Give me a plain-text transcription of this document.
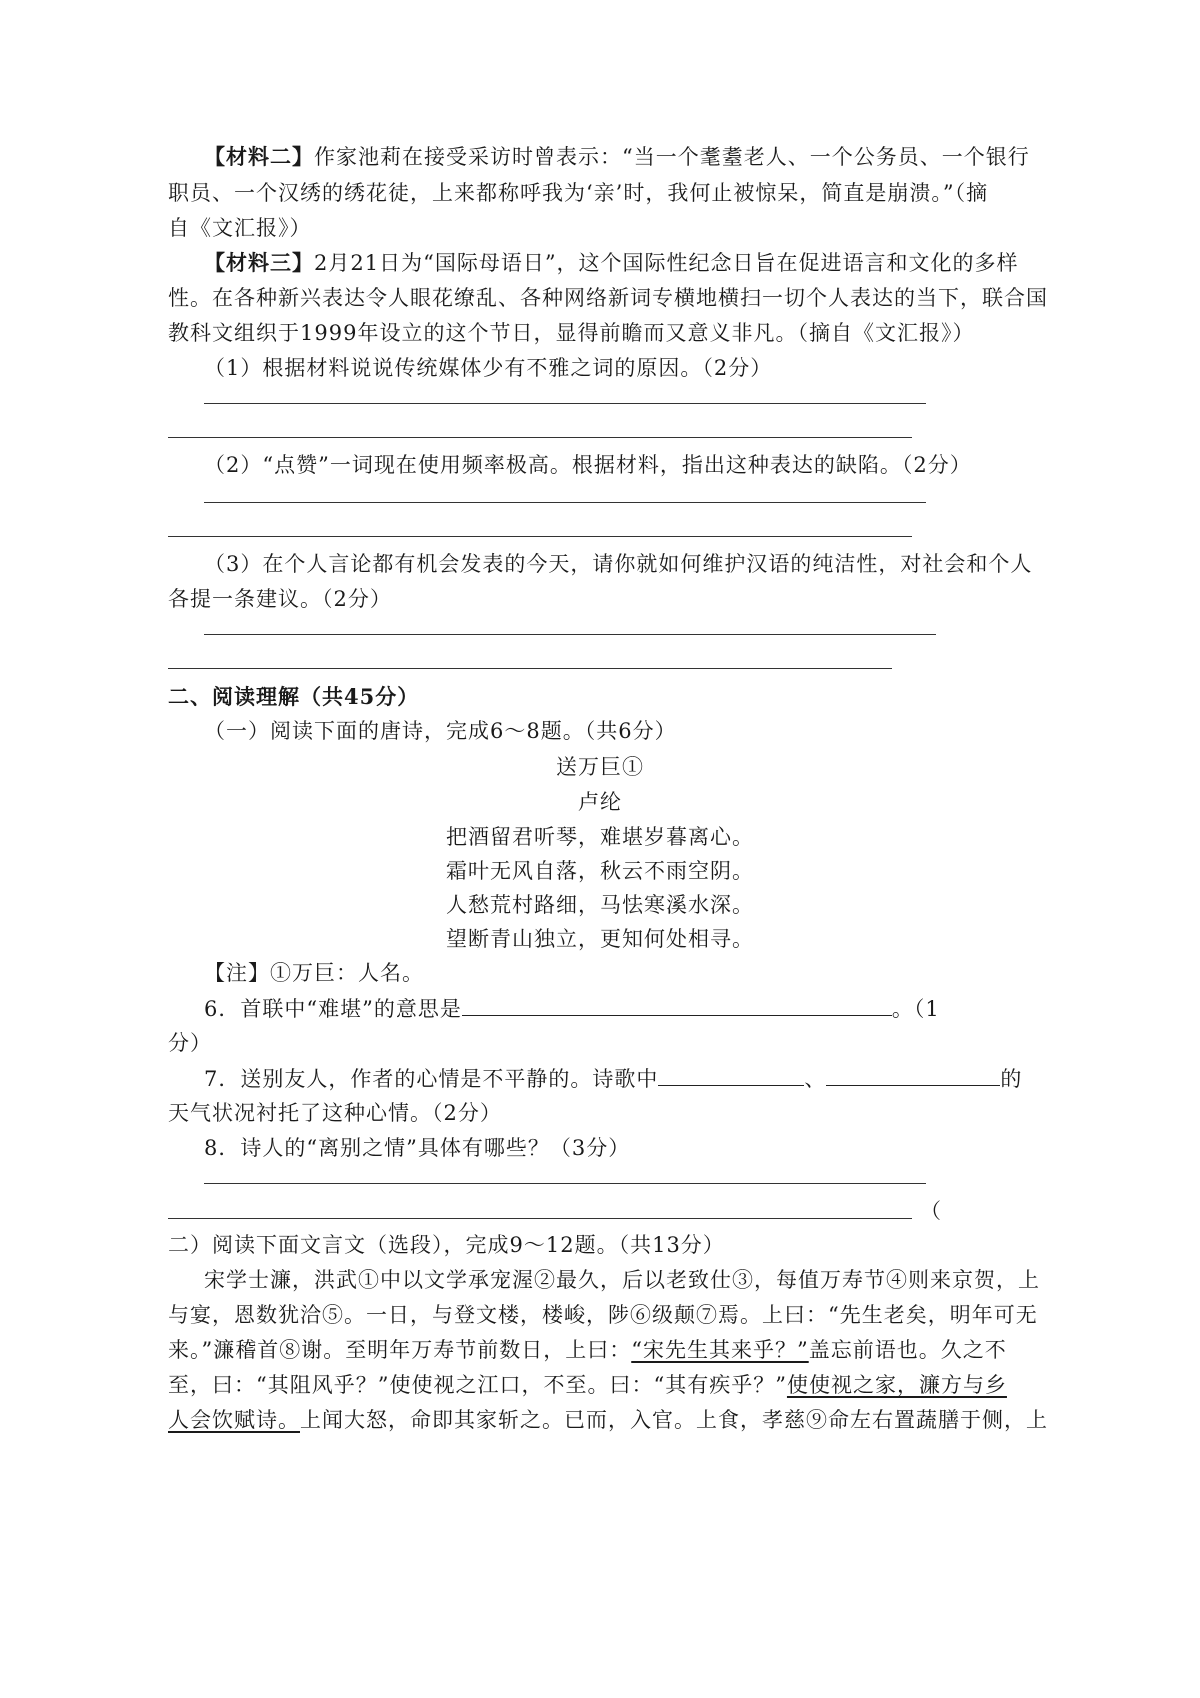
【材料二】作家池莉在接受采访时曾表示：“当一个耄耋老人、一个公务员、一个银行
职员、一个汉绣的绣花徒，上来都称呼我为‘亲’时，我何止被惊呆，简直是崩溃。”（摘
自《文汇报》）
【材料三】2月21日为“国际母语日”，这个国际性纪念日旨在促进语言和文化的多样
性。在各种新兴表达令人眼花缭乱、各种网络新词专横地横扫一切个人表达的当下，联合国
教科文组织于1999年设立的这个节日，显得前瞻而又意义非凡。（摘自《文汇报》）
（1）根据材料说说传统媒体少有不雅之词的原因。（2分）
（2）“点赞”一词现在使用频率极高。根据材料，指出这种表达的缺陷。（2分）
（3）在个人言论都有机会发表的今天，请你就如何维护汉语的纯洁性，对社会和个人
各提一条建议。（2分）
二、阅读理解（共45分）
（一）阅读下面的唐诗，完成6～8题。（共6分）
送万巨①
卢纶
把酒留君听琴，难堪岁暮离心。
霜叶无风自落，秋云不雨空阴。
人愁荒村路细，马怯寒溪水深。
望断青山独立，更知何处相寻。
【注】①万巨：人名。
6．首联中“难堪”的意思是	。（1
分）
7．送别友人，作者的心情是不平静的。诗歌中	、	的
天气状况衬托了这种心情。（2分）
8．诗人的“离别之情”具体有哪些？（3分）
（
二）阅读下面文言文（选段），完成9～12题。（共13分）
宋学士濂，洪武①中以文学承宠渥②最久，后以老致仕③，每值万寿节④则来京贺，上
与宴，恩数犹洽⑤。一日，与登文楼，楼峻，陟⑥级颠⑦焉。上曰：“先生老矣，明年可无
来。”濂稽首⑧谢。至明年万寿节前数日，上曰：“宋先生其来乎？”盖忘前语也。久之不
至，曰：“其阻风乎？”使使视之江口，不至。曰：“其有疾乎？”使使视之家，濂方与乡
人会饮赋诗。上闻大怒，命即其家斩之。已而，入官。上食，孝慈⑨命左右置蔬膳于侧，上
